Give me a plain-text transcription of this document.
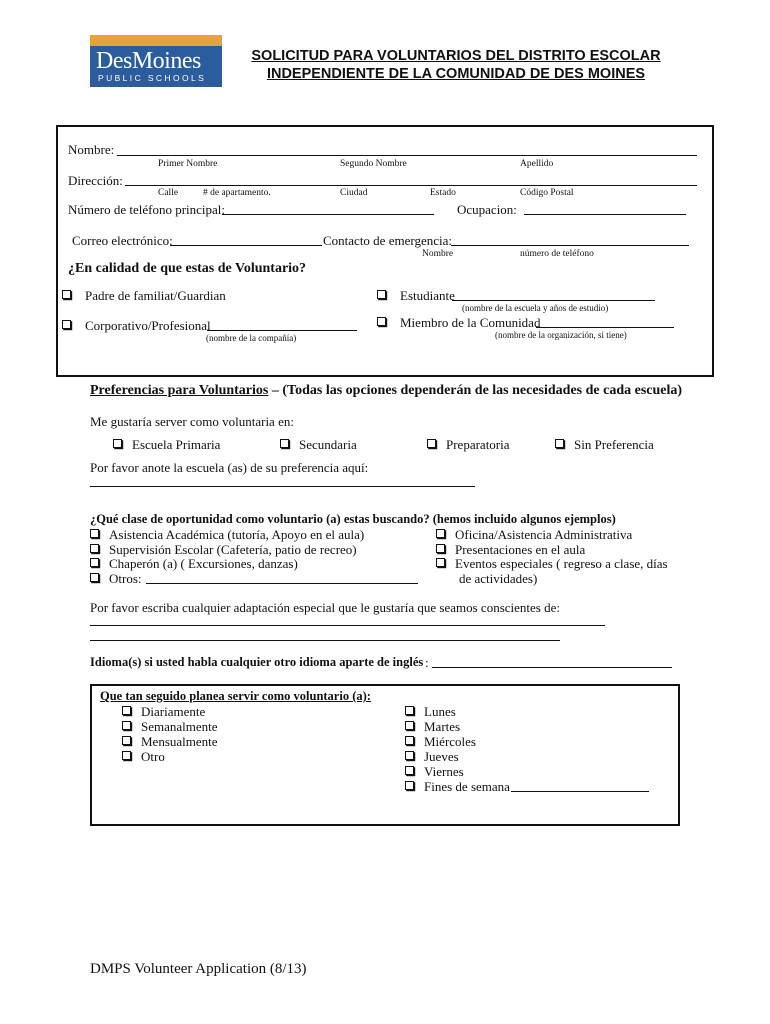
DesMoines
PUBLIC SCHOOLS
SOLICITUD PARA VOLUNTARIOS DEL DISTRITO ESCOLAR
INDEPENDIENTE DE LA COMUNIDAD DE DES MOINES
Nombre:
Primer Nombre	Segundo Nombre	Apellido
Dirección:
Calle	# de apartamento.	Ciudad	Estado	Código Postal
Número de teléfono principal:	Ocupacion:
Correo electrónico:	Contacto de emergencia:
Nombre	número de teléfono
¿En calidad de que estas de Voluntario?
Padre de familiat/Guardian	Estudiante
(nombre de la escuela y años de estudio)
Corporativo/Profesional
(nombre de la compañía)
Miembro de la Comunidad
(nombre de la organización, si tiene)
Preferencias para Voluntarios – (Todas las opciones dependerán de las necesidades de cada escuela)
Me gustaría server como voluntaria en:
Escuela Primaria	Secundaria	Preparatoria	Sin Preferencia
Por favor anote la escuela (as) de su preferencia aquí:
¿Qué clase de oportunidad como voluntario (a) estas buscando? (hemos incluido algunos ejemplos)
Asistencia Académica (tutoría, Apoyo en el aula)
Supervisión Escolar (Cafetería, patio de recreo)
Chaperón (a) ( Excursiones, danzas)
Otros:
Oficina/Asistencia Administrativa
Presentaciones en el aula
Eventos especiales ( regreso a clase, días
de actividades)
Por favor escriba cualquier adaptación especial que le gustaría que seamos conscientes de:
Idioma(s) si usted habla cualquier otro idioma aparte de inglés :
Que tan seguido planea servir como voluntario (a):
Diariamente
Semanalmente
Mensualmente
Otro
Lunes
Martes
Miércoles
Jueves
Viernes
Fines de semana
DMPS Volunteer Application (8/13)
